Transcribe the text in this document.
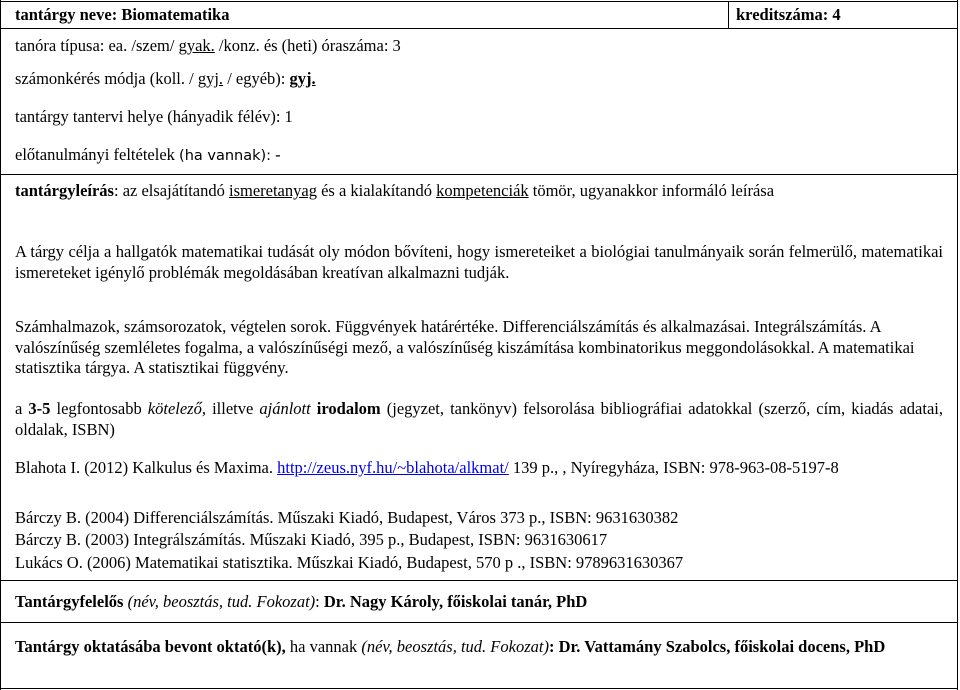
tantárgy neve: Biomatematika	kreditszáma: 4
tanóra típusa: ea. /szem/ gyak. /konz. és (heti) óraszáma: 3
számonkérés módja (koll. / gyj. / egyéb): gyj.
tantárgy tantervi helye (hányadik félév): 1
előtanulmányi feltételek (ha vannak): -
tantárgyleírás: az elsajátítandó ismeretanyag és a kialakítandó kompetenciák tömör, ugyanakkor informáló leírása
A tárgy célja a hallgatók matematikai tudását oly módon bővíteni, hogy ismereteiket a biológiai tanulmányaik során felmerülő, matematikai ismereteket igénylő problémák megoldásában kreatívan alkalmazni tudják.
Számhalmazok, számsorozatok, végtelen sorok. Függvények határértéke. Differenciálszámítás és alkalmazásai. Integrálszámítás. A valószínűség szemléletes fogalma, a valószínűségi mező, a valószínűség kiszámítása kombinatorikus meggondolásokkal. A matematikai statisztika tárgya. A statisztikai függvény.
a 3-5 legfontosabb kötelező, illetve ajánlott irodalom (jegyzet, tankönyv) felsorolása bibliográfiai adatokkal (szerző, cím, kiadás adatai, oldalak, ISBN)
Blahota I. (2012) Kalkulus és Maxima. http://zeus.nyf.hu/~blahota/alkmat/ 139 p., , Nyíregyháza, ISBN: 978-963-08-5197-8
Bárczy B. (2004) Differenciálszámítás. Műszaki Kiadó, Budapest, Város 373 p., ISBN: 9631630382
Bárczy B. (2003) Integrálszámítás. Műszaki Kiadó, 395 p., Budapest, ISBN: 9631630617
Lukács O. (2006) Matematikai statisztika. Műszkai Kiadó, Budapest, 570 p ., ISBN: 9789631630367
Tantárgyfelelős (név, beosztás, tud. Fokozat): Dr. Nagy Károly, főiskolai tanár, PhD
Tantárgy oktatásába bevont oktató(k), ha vannak (név, beosztás, tud. Fokozat): Dr. Vattamány Szabolcs, főiskolai docens, PhD
